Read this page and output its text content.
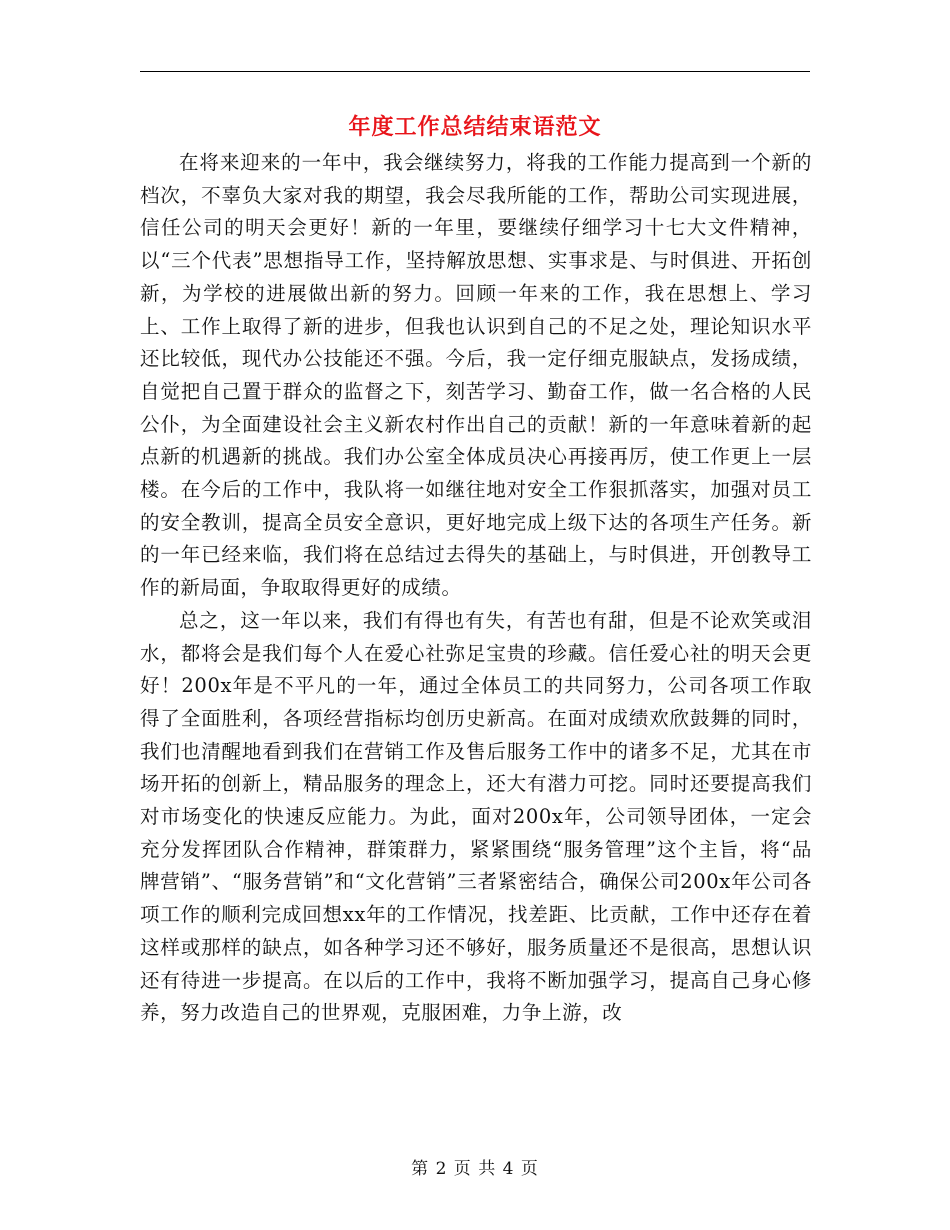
年度工作总结结束语范文

在将来迎来的一年中，我会继续努力，将我的工作能力提高到一个新的档次，不辜负大家对我的期望，我会尽我所能的工作，帮助公司实现进展，信任公司的明天会更好！新的一年里，要继续仔细学习十七大文件精神，以“三个代表”思想指导工作，坚持解放思想、实事求是、与时俱进、开拓创新，为学校的进展做出新的努力。回顾一年来的工作，我在思想上、学习上、工作上取得了新的进步，但我也认识到自己的不足之处，理论知识水平还比较低，现代办公技能还不强。今后，我一定仔细克服缺点，发扬成绩，自觉把自己置于群众的监督之下，刻苦学习、勤奋工作，做一名合格的人民公仆，为全面建设社会主义新农村作出自己的贡献！新的一年意味着新的起点新的机遇新的挑战。我们办公室全体成员决心再接再厉，使工作更上一层楼。在今后的工作中，我队将一如继往地对安全工作狠抓落实，加强对员工的安全教训，提高全员安全意识，更好地完成上级下达的各项生产任务。新的一年已经来临，我们将在总结过去得失的基础上，与时俱进，开创教导工作的新局面，争取取得更好的成绩。

总之，这一年以来，我们有得也有失，有苦也有甜，但是不论欢笑或泪水，都将会是我们每个人在爱心社弥足宝贵的珍藏。信任爱心社的明天会更好！200x年是不平凡的一年，通过全体员工的共同努力，公司各项工作取得了全面胜利，各项经营指标均创历史新高。在面对成绩欢欣鼓舞的同时，我们也清醒地看到我们在营销工作及售后服务工作中的诸多不足，尤其在市场开拓的创新上，精品服务的理念上，还大有潜力可挖。同时还要提高我们对市场变化的快速反应能力。为此，面对200x年，公司领导团体，一定会充分发挥团队合作精神，群策群力，紧紧围绕“服务管理”这个主旨，将“品牌营销”、“服务营销”和“文化营销”三者紧密结合，确保公司200x年公司各项工作的顺利完成回想xx年的工作情况，找差距、比贡献，工作中还存在着这样或那样的缺点，如各种学习还不够好，服务质量还不是很高，思想认识还有待进一步提高。在以后的工作中，我将不断加强学习，提高自己身心修养，努力改造自己的世界观，克服困难，力争上游，改

第 2 页 共 4 页
